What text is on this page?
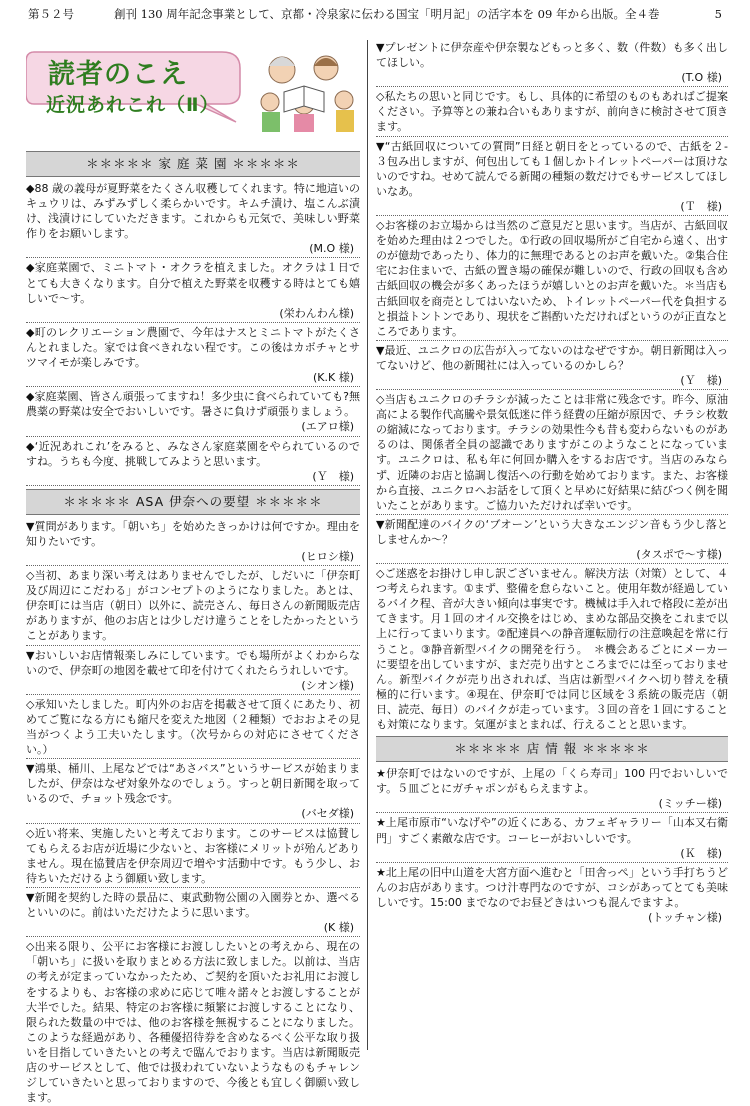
第５２号	創刊 130 周年記念事業として、京都・冷泉家に伝わる国宝「明月記」の活字本を 09 年から出版。全４巻	5
読者のこえ
近況あれこれ（Ⅱ）
＊＊＊＊＊ 家 庭 菜 園 ＊＊＊＊＊

◆88 歳の義母が夏野菜をたくさん収穫してくれます。特に地這いのキュウリは、みずみずしく柔らかいです。キムチ漬け、塩こんぶ漬け、浅漬けにしていただきます。これからも元気で、美味しい野菜作りをお願いします。

(M.O 様)

◆家庭菜園で、ミニトマト・オクラを植えました。オクラは１日でとても大きくなります。自分で植えた野菜を収穫する時はとても嬉しいで～す。

(栄わんわん様)

◆町のレクリエーション農園で、今年はナスとミニトマトがたくさんとれました。家では食べきれない程です。この後はカボチャとサツマイモが楽しみです。

(K.K 様)

◆家庭菜園、皆さん頑張ってますね！多少虫に食べられていても?無農薬の野菜は安全でおいしいです。暑さに負けず頑張りましょう。

(エアロ様)

◆‘近況あれこれ’をみると、みなさん家庭菜園をやられているのですね。うちも今度、挑戦してみようと思います。

(Ｙ　様)
＊＊＊＊＊ ASA 伊奈への要望 ＊＊＊＊＊

▼質問があります。「朝いち」を始めたきっかけは何ですか。理由を知りたいです。

(ヒロシ様)

◇当初、あまり深い考えはありませんでしたが、しだいに「伊奈町及び周辺にこだわる」がコンセプトのようになりました。あとは、伊奈町には当店（朝日）以外に、読売さん、毎日さんの新聞販売店がありますが、他のお店とは少しだけ違うことをしたかったということがあります。

▼おいしいお店情報楽しみにしています。でも場所がよくわからないので、伊奈町の地図を載せて印を付けてくれたらうれしいです。

(シオン様)

◇承知いたしました。町内外のお店を掲載させて頂くにあたり、初めてご覧になる方にも縮尺を変えた地図（２種類）でおおよその見当がつくよう工夫いたします。（次号からの対応にさせてください。）

▼鴻巣、桶川、上尾などでは“あさバス”というサービスが始まりましたが、伊奈はなぜ対象外なのでしょう。すっと朝日新聞を取っているので、チョット残念です。

(バセダ様)

◇近い将来、実施したいと考えております。このサービスは協賛してもらえるお店が近場に少ないと、お客様にメリットが殆んどありません。現在協賛店を伊奈周辺で増やす活動中です。もう少し、お待ちいただけるよう御願い致します。

▼新聞を契約した時の景品に、東武動物公園の入園券とか、選べるといいのに。前はいただけたように思います。

(K 様)

◇出来る限り、公平にお客様にお渡ししたいとの考えから、現在の「朝いち」に扱いを取りまとめる方法に致しました。以前は、当店の考えが定まっていなかったため、ご契約を頂いたお礼用にお渡しをするよりも、お客様の求めに応じて唯々諾々とお渡しすることが大半でした。結果、特定のお客様に頻繁にお渡しすることになり、限られた数量の中では、他のお客様を無視することになりました。このような経過があり、各種優招待券を含めなるべく公平な取り扱いを目指していきたいとの考えで臨んでおります。当店は新聞販売店のサービスとして、他では扱われていないようなものもチャレンジしていきたいと思っておりますので、今後とも宜しく御願い致します。

▼プレゼントに伊奈産や伊奈製などもっと多く、数（件数）も多く出してほしい。

(T.O 様)

◇私たちの思いと同じです。もし、具体的に希望のものもあればご提案ください。予算等との兼ね合いもありますが、前向きに検討させて頂きます。

▼“古紙回収についての質問”日経と朝日をとっているので、古紙を２-３包み出しますが、何包出しても１個しかトイレットペーパーは頂けないのですね。せめて読んでる新聞の種類の数だけでもサービスしてほしいなあ。

(Ｔ　様)

◇お客様のお立場からは当然のご意見だと思います。当店が、古紙回収を始めた理由は２つでした。①行政の回収場所がご自宅から遠く、出すのが億劫であったり、体力的に無理であるとのお声を戴いた。②集合住宅にお住まいで、古紙の置き場の確保が難しいので、行政の回収も含め古紙回収の機会が多くあったほうが嬉しいとのお声を戴いた。＊当店も古紙回収を商売としてはいないため、トイレットペーパー代を負担すると損益トントンであり、現状をご斟酌いただければというのが正直なところであります。

▼最近、ユニクロの広告が入ってないのはなぜですか。朝日新聞は入ってないけど、他の新聞社には入っているのかしら？

(Ｙ　様)

◇当店もユニクロのチラシが減ったことは非常に残念です。昨今、原油高による製作代高騰や景気低迷に伴う経費の圧縮が原因で、チラシ枚数の縮減になっております。チラシの効果性今も昔も変わらないものがあるのは、関係者全員の認識でありますがこのようなことになっています。ユニクロは、私も年に何回か購入をするお店です。当店のみならず、近隣のお店と協調し復活への行動を始めております。また、お客様から直接、ユニクロへお話をして頂くと早めに好結果に結びつく例を聞いたことがあります。ご協力いただければ幸いです。

▼新聞配達のバイクの‘ブオーン’という大きなエンジン音もう少し落としませんか～？

(タスポで～す様)

◇ご迷惑をお掛けし申し訳ございません。解決方法（対策）として、４つ考えられます。①まず、整備を怠らないこと。使用年数が経過しているバイク程、音が大きい傾向は事実です。機械は手入れで格段に差が出てきます。月１回のオイル交換をはじめ、まめな部品交換をこれまで以上に行ってまいります。②配達員への静音運転励行の注意喚起を常に行うこと。③静音新型バイクの開発を行う。　＊機会あるごとにメーカーに要望を出していますが、まだ売り出すところまでには至っておりません。新型バイクが売り出されれば、当店は新型バイクへ切り替えを積極的に行います。④現在、伊奈町では同じ区域を３系統の販売店（朝日、読売、毎日）のバイクが走っています。３回の音を１回にすることも対策になります。気運がまとまれば、行えることと思います。

＊＊＊＊＊ 店 情 報 ＊＊＊＊＊

★伊奈町ではないのですが、上尾の「くら寿司」100 円でおいしいです。５皿ごとにガチャポンがもらえますよ。

(ミッチー様)

★上尾市原市“いなげや”の近くにある、カフェギャラリー「山本又右衛門」すごく素敵な店です。コーヒーがおいしいです。

(Ｋ　様)

★北上尾の旧中山道を大宮方面へ進むと「田舎っぺ」という手打ちうどんのお店があります。つけ汁専門なのですが、コシがあってとても美味しいです。15:00 までなのでお昼どきはいつも混んでますよ。

(トッチャン様)
